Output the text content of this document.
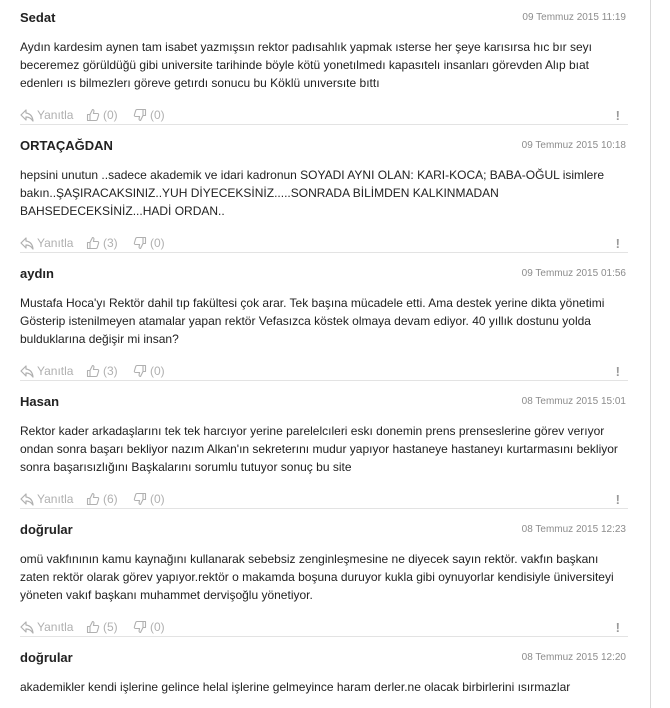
Sedat	09 Temmuz 2015 11:19
Aydın kardesim aynen tam isabet yazmışsın rektor padısahlık yapmak ısterse her şeye karısırsa hıc bır seyı beceremez görüldüğü gibi universite tarihinde böyle kötü yonetılmedı kapasıtelı insanları görevden Alıp bıat edenlerı ıs bilmezlerı göreve getırdı sonucu bu Köklü unıversıte bıttı
Yanıtla (0)	(0)	!
ORTAÇAĞDAN	09 Temmuz 2015 10:18
hepsini unutun ..sadece akademik ve idari kadronun SOYADI AYNI OLAN: KARI-KOCA; BABA-OĞUL isimlere bakın..ŞAŞIRACAKSINIZ..YUH DİYECEKSİNİZ.....SONRADA BİLİMDEN KALKINMADAN BAHSEDECEKSİNİZ...HADİ ORDAN..
Yanıtla (3)	(0)	!
aydın	09 Temmuz 2015 01:56
Mustafa Hoca'yı Rektör dahil tıp fakültesi çok arar. Tek başına mücadele etti. Ama destek yerine dikta yönetimi Gösterip istenilmeyen atamalar yapan rektör Vefasızca köstek olmaya devam ediyor. 40 yıllık dostunu yolda bulduklarına değişir mi insan?
Yanıtla (3)	(0)	!
Hasan	08 Temmuz 2015 15:01
Rektor kader arkadaşlarını tek tek harcıyor yerine parelelcıleri eskı donemin prens prenseslerine görev verıyor ondan sonra başarı bekliyor nazım Alkan'ın sekreterını mudur yapıyor hastaneye hastaneyı kurtarmasını bekliyor sonra başarısızlığını Başkalarını sorumlu tutuyor sonuç bu site
Yanıtla (6)	(0)	!
doğrular	08 Temmuz 2015 12:23
omü vakfınının kamu kaynağını kullanarak sebebsiz zenginleşmesine ne diyecek sayın rektör. vakfın başkanı zaten rektör olarak görev yapıyor.rektör o makamda boşuna duruyor kukla gibi oynuyorlar kendisiyle üniversiteyi yöneten vakıf başkanı muhammet dervişoğlu yönetiyor.
Yanıtla (5)	(0)	!
doğrular	08 Temmuz 2015 12:20
akademikler kendi işlerine gelince helal işlerine gelmeyince haram derler.ne olacak birbirlerini ısırmazlar
